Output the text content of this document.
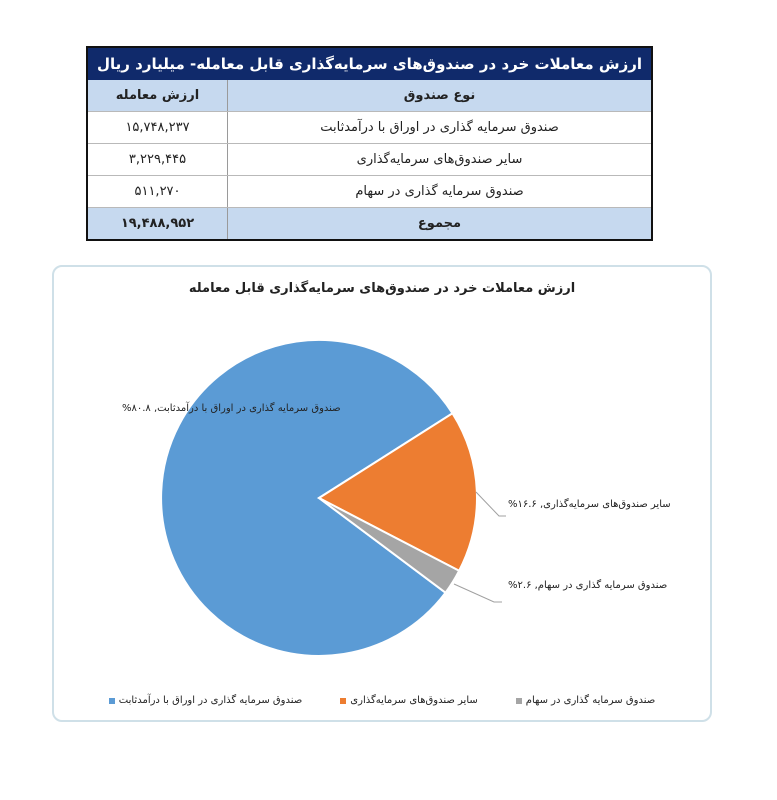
ارزش معاملات خرد در صندوق‌های سرمایه‌گذاری قابل معامله- میلیارد ریال
نوع صندوق
ارزش معامله
صندوق سرمایه گذاری در اوراق با درآمدثابت
۱۵,۷۴۸,۲۳۷
سایر صندوق‌های سرمایه‌گذاری
۳,۲۲۹,۴۴۵
صندوق سرمایه گذاری در سهام
۵۱۱,۲۷۰
مجموع
۱۹,۴۸۸,۹۵۲
ارزش معاملات خرد در صندوق‌های سرمایه‌گذاری قابل معامله
صندوق سرمایه گذاری در اوراق با درآمدثابت, ۸۰.۸%
سایر صندوق‌های سرمایه‌گذاری, ۱۶.۶%
صندوق سرمایه گذاری در سهام, ۲.۶%
صندوق سرمایه گذاری در سهام
سایر صندوق‌های سرمایه‌گذاری
صندوق سرمایه گذاری در اوراق با درآمدثابت
